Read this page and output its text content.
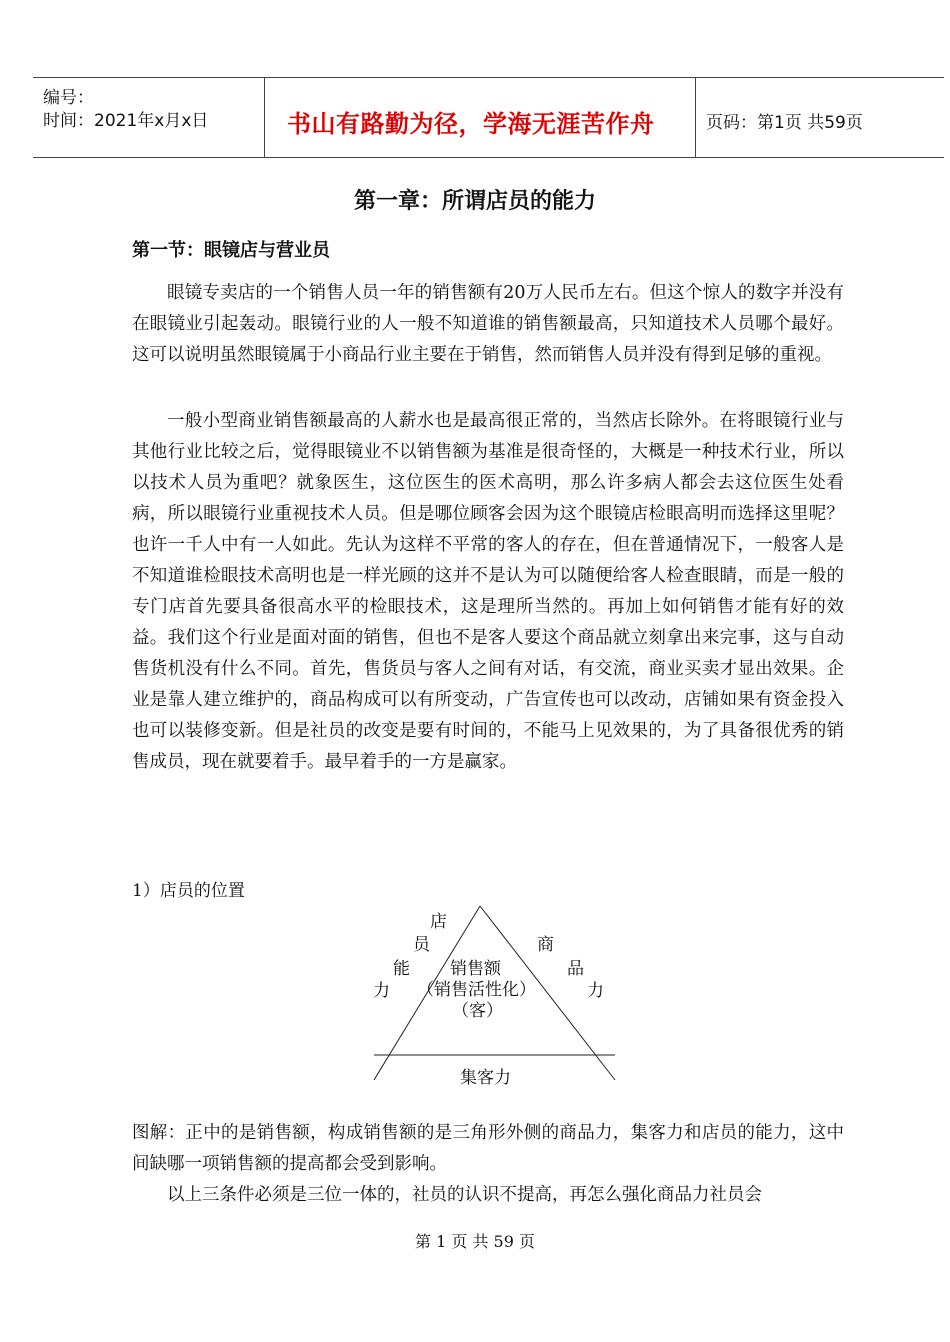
编号：
时间：2021年x月x日	书山有路勤为径，学海无涯苦作舟	页码：第1页 共59页
第一章：所谓店员的能力
第一节：眼镜店与营业员

眼镜专卖店的一个销售人员一年的销售额有20万人民币左右。但这个惊人的数字并没有在眼镜业引起轰动。眼镜行业的人一般不知道谁的销售额最高，只知道技术人员哪个最好。这可以说明虽然眼镜属于小商品行业主要在于销售，然而销售人员并没有得到足够的重视。

一般小型商业销售额最高的人薪水也是最高很正常的，当然店长除外。在将眼镜行业与其他行业比较之后，觉得眼镜业不以销售额为基准是很奇怪的，大概是一种技术行业，所以以技术人员为重吧？就象医生，这位医生的医术高明，那么许多病人都会去这位医生处看病，所以眼镜行业重视技术人员。但是哪位顾客会因为这个眼镜店检眼高明而选择这里呢？也许一千人中有一人如此。先认为这样不平常的客人的存在，但在普通情况下，一般客人是不知道谁检眼技术高明也是一样光顾的这并不是认为可以随便给客人检查眼睛，而是一般的专门店首先要具备很高水平的检眼技术，这是理所当然的。再加上如何销售才能有好的效益。我们这个行业是面对面的销售，但也不是客人要这个商品就立刻拿出来完事，这与自动售货机没有什么不同。首先，售货员与客人之间有对话，有交流，商业买卖才显出效果。企业是靠人建立维护的，商品构成可以有所变动，广告宣传也可以改动，店铺如果有资金投入也可以装修变新。但是社员的改变是要有时间的，不能马上见效果的，为了具备很优秀的销售成员，现在就要着手。最早着手的一方是赢家。

1）店员的位置
店
员
能
力
商
品
力
销售额
（销售活性化）
（客）
集客力

图解：正中的是销售额，构成销售额的是三角形外侧的商品力，集客力和店员的能力，这中间缺哪一项销售额的提高都会受到影响。

以上三条件必须是三位一体的，社员的认识不提高，再怎么强化商品力社员会

第 1 页 共 59 页
